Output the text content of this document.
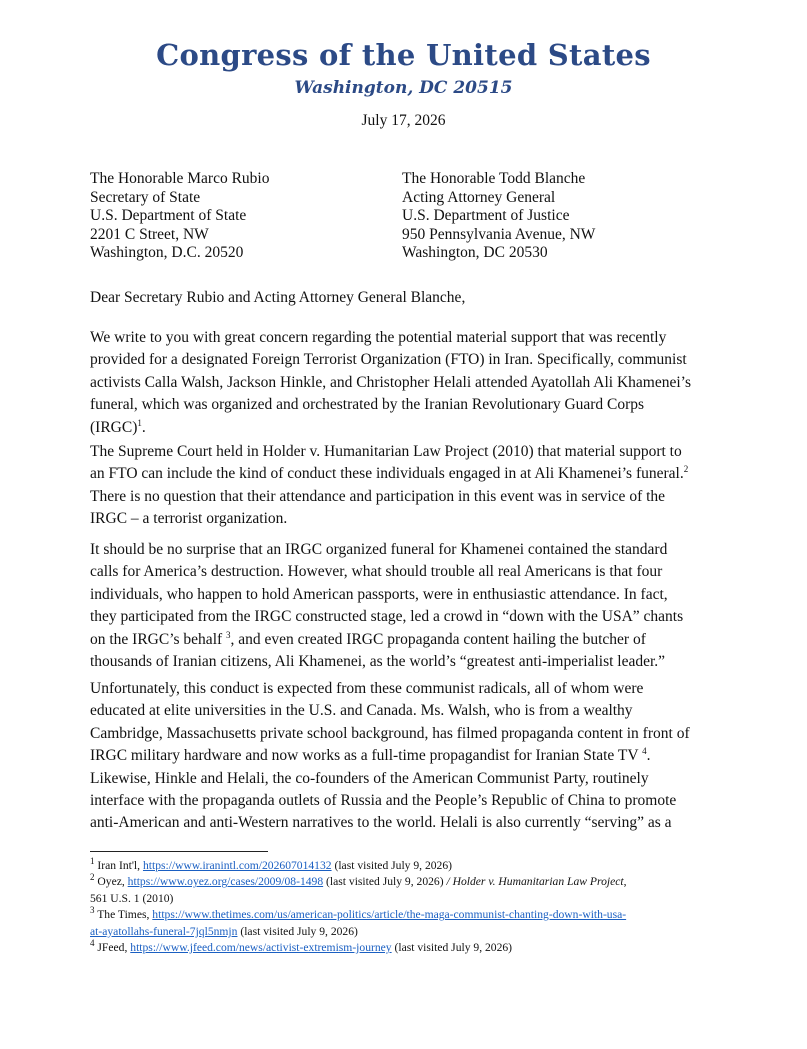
Congress of the United States
Washington, DC 20515
July 17, 2026
The Honorable Marco Rubio
Secretary of State
U.S. Department of State
2201 C Street, NW
Washington, D.C. 20520
The Honorable Todd Blanche
Acting Attorney General
U.S. Department of Justice
950 Pennsylvania Avenue, NW
Washington, DC 20530
Dear Secretary Rubio and Acting Attorney General Blanche,
We write to you with great concern regarding the potential material support that was recently
provided for a designated Foreign Terrorist Organization (FTO) in Iran. Specifically, communist
activists Calla Walsh, Jackson Hinkle, and Christopher Helali attended Ayatollah Ali Khamenei’s
funeral, which was organized and orchestrated by the Iranian Revolutionary Guard Corps
(IRGC)$^1$.
The Supreme Court held in Holder v. Humanitarian Law Project (2010) that material support to
an FTO can include the kind of conduct these individuals engaged in at Ali Khamenei’s funeral.$^2$
There is no question that their attendance and participation in this event was in service of the
IRGC – a terrorist organization.
It should be no surprise that an IRGC organized funeral for Khamenei contained the standard
calls for America’s destruction. However, what should trouble all real Americans is that four
individuals, who happen to hold American passports, were in enthusiastic attendance. In fact,
they participated from the IRGC constructed stage, led a crowd in “down with the USA” chants
on the IRGC’s behalf $^3$, and even created IRGC propaganda content hailing the butcher of
thousands of Iranian citizens, Ali Khamenei, as the world’s “greatest anti-imperialist leader.”
Unfortunately, this conduct is expected from these communist radicals, all of whom were
educated at elite universities in the U.S. and Canada. Ms. Walsh, who is from a wealthy
Cambridge, Massachusetts private school background, has filmed propaganda content in front of
IRGC military hardware and now works as a full-time propagandist for Iranian State TV $^4$.
Likewise, Hinkle and Helali, the co-founders of the American Communist Party, routinely
interface with the propaganda outlets of Russia and the People’s Republic of China to promote
anti-American and anti-Western narratives to the world. Helali is also currently “serving” as a
$^1$ Iran Int'l, https://www.iranintl.com/202607014132 (last visited July 9, 2026)
$^2$ Oyez, https://www.oyez.org/cases/2009/08-1498 (last visited July 9, 2026) / Holder v. Humanitarian Law Project,
561 U.S. 1 (2010)
$^3$ The Times, https://www.thetimes.com/us/american-politics/article/the-maga-communist-chanting-down-with-usa-
at-ayatollahs-funeral-7jql5nmjn (last visited July 9, 2026)
$^4$ JFeed, https://www.jfeed.com/news/activist-extremism-journey (last visited July 9, 2026)
